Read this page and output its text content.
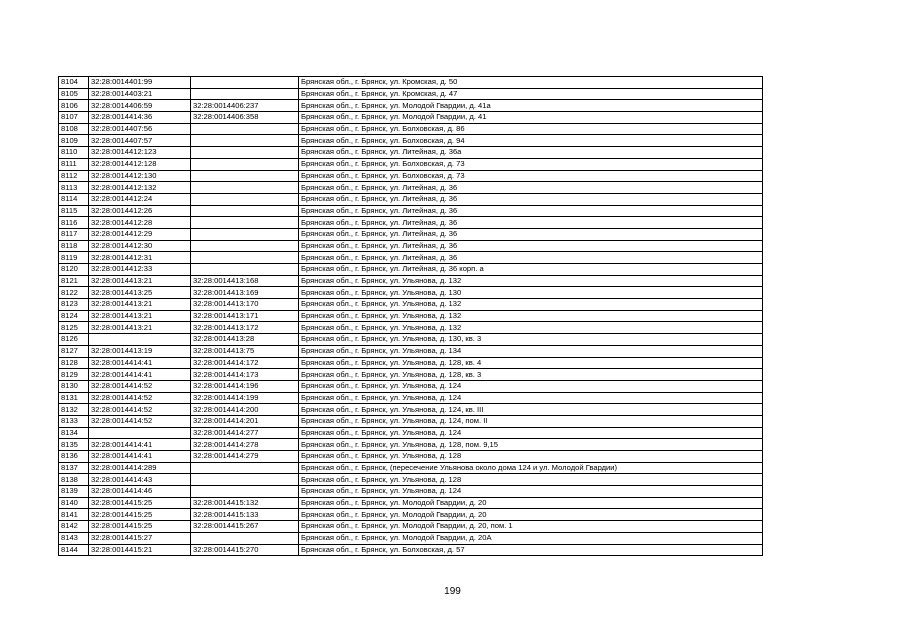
8104	32:28:0014401:99		Брянская обл., г. Брянск, ул. Кромская, д. 50
8105	32:28:0014403:21		Брянская обл., г. Брянск, ул. Кромская, д. 47
8106	32:28:0014406:59	32:28:0014406:237	Брянская обл., г. Брянск, ул. Молодой Гвардии, д. 41а
8107	32:28:0014414:36	32:28:0014406:358	Брянская обл., г. Брянск, ул. Молодой Гвардии, д. 41
8108	32:28:0014407:56		Брянская обл., г. Брянск, ул. Болховская, д. 86
8109	32:28:0014407:57		Брянская обл., г. Брянск, ул. Болховская, д. 94
8110	32:28:0014412:123		Брянская обл., г. Брянск, ул. Литейная, д. 36а
8111	32:28:0014412:128		Брянская обл., г. Брянск, ул. Болховская, д. 73
8112	32:28:0014412:130		Брянская обл., г. Брянск, ул. Болховская, д. 73
8113	32:28:0014412:132		Брянская обл., г. Брянск, ул. Литейная, д. 36
8114	32:28:0014412:24		Брянская обл., г. Брянск, ул. Литейная, д. 36
8115	32:28:0014412:26		Брянская обл., г. Брянск, ул. Литейная, д. 36
8116	32:28:0014412:28		Брянская обл., г. Брянск, ул. Литейная, д. 36
8117	32:28:0014412:29		Брянская обл., г. Брянск, ул. Литейная, д. 36
8118	32:28:0014412:30		Брянская обл., г. Брянск, ул. Литейная, д. 36
8119	32:28:0014412:31		Брянская обл., г. Брянск, ул. Литейная, д. 36
8120	32:28:0014412:33		Брянская обл., г. Брянск, ул. Литейная, д. 36 корп. а
8121	32:28:0014413:21	32:28:0014413:168	Брянская обл., г. Брянск, ул. Ульянова, д. 132
8122	32:28:0014413:25	32:28:0014413:169	Брянская обл., г. Брянск, ул. Ульянова, д. 130
8123	32:28:0014413:21	32:28:0014413:170	Брянская обл., г. Брянск, ул. Ульянова, д. 132
8124	32:28:0014413:21	32:28:0014413:171	Брянская обл., г. Брянск, ул. Ульянова, д. 132
8125	32:28:0014413:21	32:28:0014413:172	Брянская обл., г. Брянск, ул. Ульянова, д. 132
8126		32:28:0014413:28	Брянская обл., г. Брянск, ул. Ульянова, д. 130, кв. 3
8127	32:28:0014413:19	32:28:0014413:75	Брянская обл., г. Брянск, ул. Ульянова, д. 134
8128	32:28:0014414:41	32:28:0014414:172	Брянская обл., г. Брянск, ул. Ульянова, д. 128, кв. 4
8129	32:28:0014414:41	32:28:0014414:173	Брянская обл., г. Брянск, ул. Ульянова, д. 128, кв. 3
8130	32:28:0014414:52	32:28:0014414:196	Брянская обл., г. Брянск, ул. Ульянова, д. 124
8131	32:28:0014414:52	32:28:0014414:199	Брянская обл., г. Брянск, ул. Ульянова, д. 124
8132	32:28:0014414:52	32:28:0014414:200	Брянская обл., г. Брянск, ул. Ульянова, д. 124, кв. III
8133	32:28:0014414:52	32:28:0014414:201	Брянская обл., г. Брянск, ул. Ульянова, д. 124, пом. II
8134		32:28:0014414:277	Брянская обл., г. Брянск, ул. Ульянова, д. 124
8135	32:28:0014414:41	32:28:0014414:278	Брянская обл., г. Брянск, ул. Ульянова, д. 128, пом. 9,15
8136	32:28:0014414:41	32:28:0014414:279	Брянская обл., г. Брянск, ул. Ульянова, д. 128
8137	32:28:0014414:289		Брянская обл., г. Брянск, (пересечение Ульянова около дома 124 и ул. Молодой Гвардии)
8138	32:28:0014414:43		Брянская обл., г. Брянск, ул. Ульянова, д. 128
8139	32:28:0014414:46		Брянская обл., г. Брянск, ул. Ульянова, д. 124
8140	32:28:0014415:25	32:28:0014415:132	Брянская обл., г. Брянск, ул. Молодой Гвардии, д. 20
8141	32:28:0014415:25	32:28:0014415:133	Брянская обл., г. Брянск, ул. Молодой Гвардии, д. 20
8142	32:28:0014415:25	32:28:0014415:267	Брянская обл., г. Брянск, ул. Молодой Гвардии, д. 20, пом. 1
8143	32:28:0014415:27		Брянская обл., г. Брянск, ул. Молодой Гвардии, д. 20А
8144	32:28:0014415:21	32:28:0014415:270	Брянская обл., г. Брянск, ул. Болховская, д. 57
199
